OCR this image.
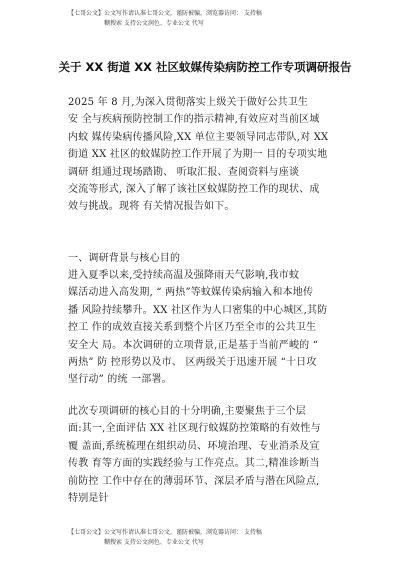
【七哥公文】公文写作请认准七哥公文，谨防被骗，浏览器访问： 支持稿
糊搜索 支持公文润色、专业公文 代写
关于 XX 街道 XX 社区蚊媒传染病防控工作专项调研报告

2025 年 8 月,为深入贯彻落实上级关于做好公共卫生

安 全与疾病预防控制工作的指示精神,有效应对当前区域

内蚊 媒传染病传播风险,XX 单位主要领导同志带队,对 XX

街道 XX 社区的蚊媒防控工作开展了为期一 目的专项实地

调研 组通过现场踏勘、 听取汇报、查阅资料与座谈

交流等形式, 深入了解了该社区蚊媒防控工作的现状、成

效与挑战。现将 有关情况报告如下。

一、调研背景与核心目的

进入夏季以来,受持续高温及强降雨天气影响,我市蚊

媒活动进入高发期, “ 两热”等蚊媒传染病输入和本地传

播 风险持续攀升。XX 社区作为人口密集的中心城区,其防

控工 作的成效直接关系到整个片区乃至全市的公共卫生

安全大 局。本次调研的立项背景,正是基于当前严峻的 “

两热” 防 控形势以及市、 区两级关于迅速开展 “十日攻

坚行动” 的统 一部署。

此次专项调研的核心目的十分明确,主要聚焦于三个层

面:其一,全面评估 XX 社区现行蚊媒防控策略的有效性与

覆 盖面,系统梳理在组织动员、环境治理、专业消杀及宣

传教 育等方面的实践经验与工作亮点。其二,精准诊断当

前防控 工作中存在的薄弱环节、深层矛盾与潜在风险点,

特别是针

【七哥公文】公文写作请认准七哥公文，谨防被骗，浏览器访问： 支持稿
糊搜索 支持公文润色、专业公文 代写
